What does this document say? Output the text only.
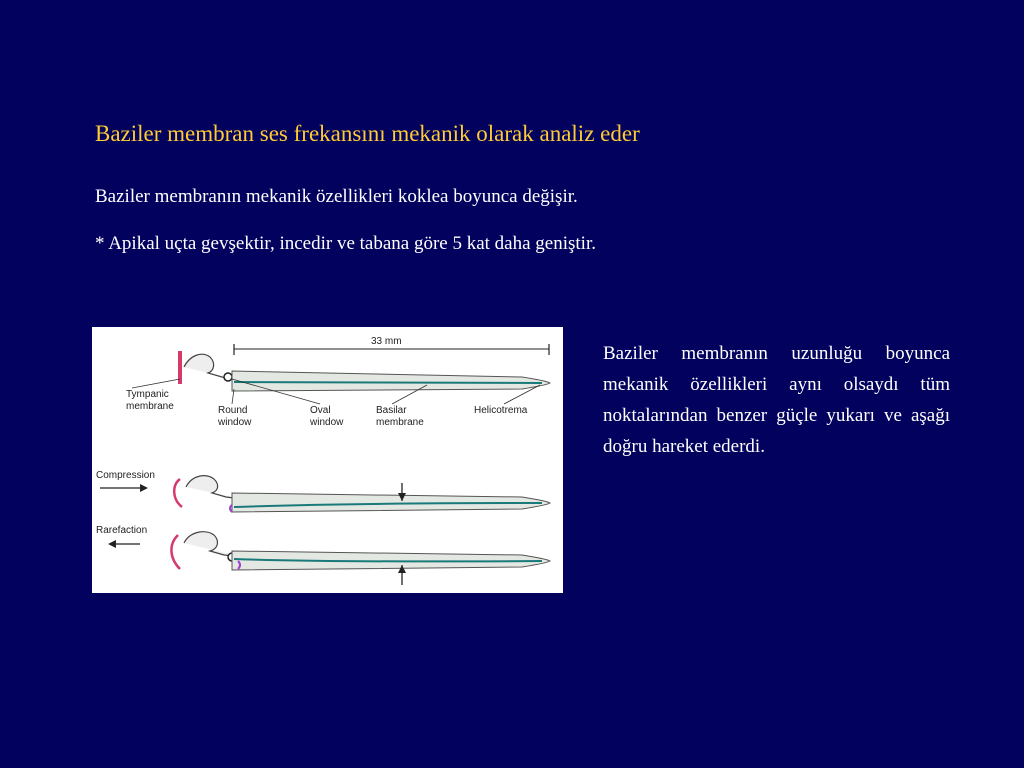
Baziler membran ses frekansını mekanik olarak analiz eder
Baziler membranın mekanik özellikleri koklea boyunca değişir.
* Apikal uçta gevşektir, incedir ve tabana göre 5 kat daha geniştir.
33 mm
Tympanic
membrane	Round
window
Oval
window
Basilar
membrane
Helicotrema
Compression
Rarefaction
Baziler membranın uzunluğu boyunca mekanik özellikleri aynı olsaydı tüm noktalarından benzer güçle yukarı ve aşağı doğru hareket ederdi.
